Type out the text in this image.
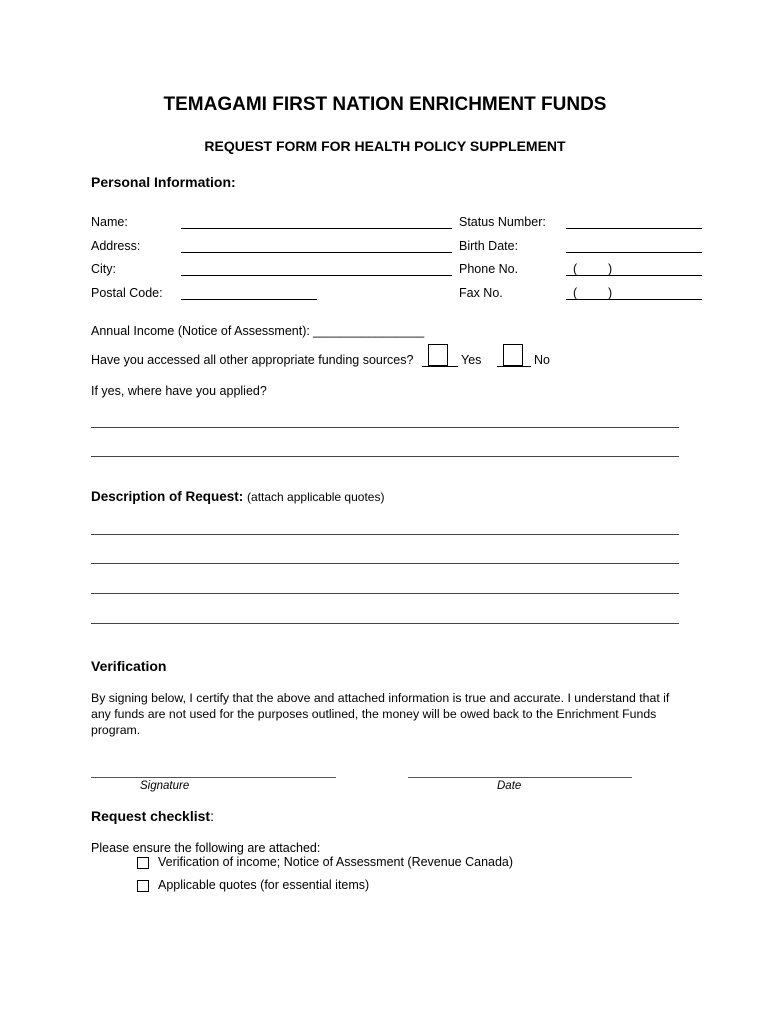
TEMAGAMI FIRST NATION ENRICHMENT FUNDS
REQUEST FORM FOR HEALTH POLICY SUPPLEMENT
Personal Information:
Name:	Status Number:
Address:	Birth Date:
City:	Phone No.	( )
Postal Code:	Fax No.	( )
Annual Income (Notice of Assessment): ________________
Have you accessed all other appropriate funding sources?	Yes	No
If yes, where have you applied?
Description of Request: (attach applicable quotes)
Verification
By signing below, I certify that the above and attached information is true and accurate. I understand that if any funds are not used for the purposes outlined, the money will be owed back to the Enrichment Funds program.
Signature	Date
Request checklist:
Please ensure the following are attached:
Verification of income; Notice of Assessment (Revenue Canada)
Applicable quotes (for essential items)
